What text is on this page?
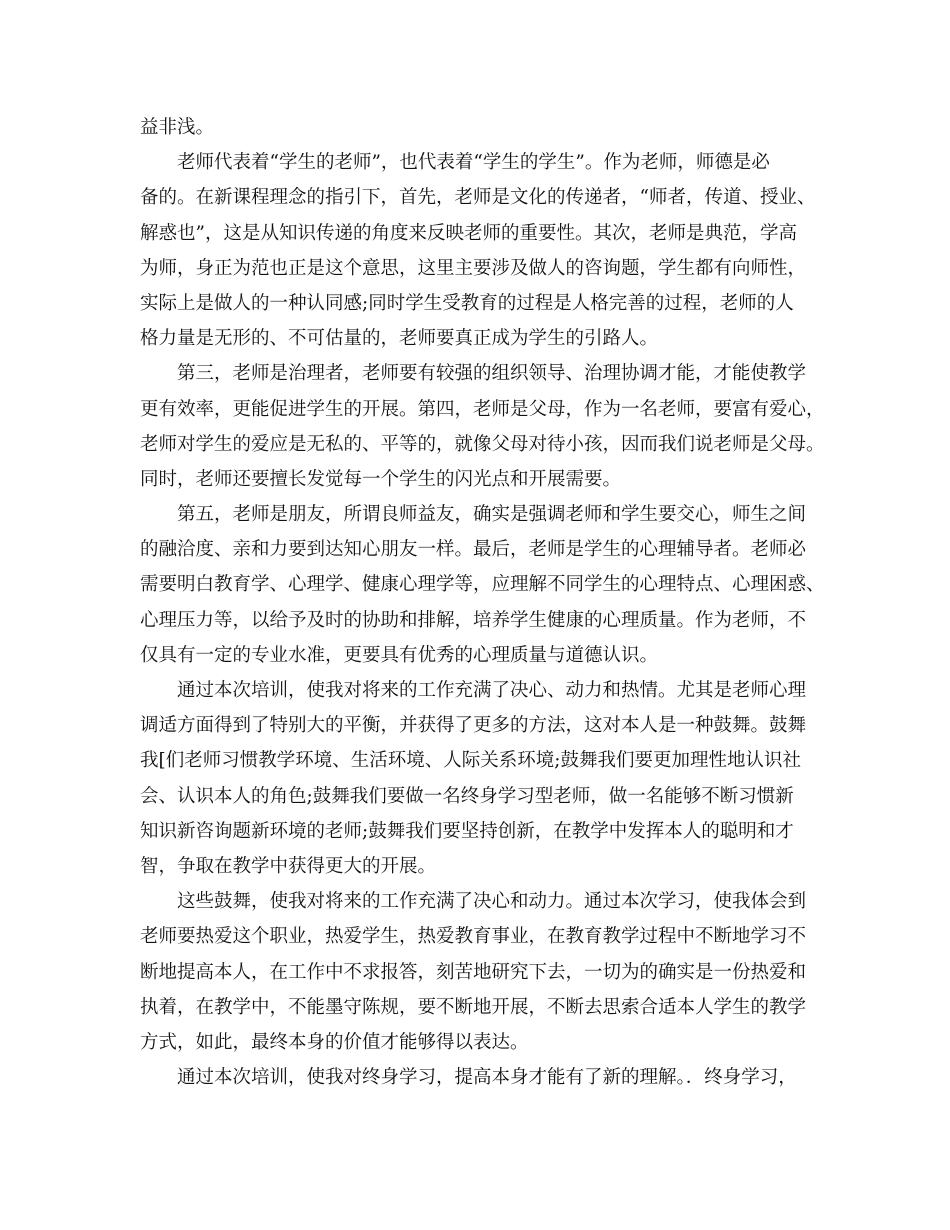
益非浅。
老师代表着“学生的老师”，也代表着“学生的学生”。作为老师，师德是必
备的。在新课程理念的指引下，首先，老师是文化的传递者，“师者，传道、授业、
解惑也”，这是从知识传递的角度来反映老师的重要性。其次，老师是典范，学高
为师，身正为范也正是这个意思，这里主要涉及做人的咨询题，学生都有向师性，
实际上是做人的一种认同感;同时学生受教育的过程是人格完善的过程，老师的人
格力量是无形的、不可估量的，老师要真正成为学生的引路人。
第三，老师是治理者，老师要有较强的组织领导、治理协调才能，才能使教学
更有效率，更能促进学生的开展。第四，老师是父母，作为一名老师，要富有爱心，
老师对学生的爱应是无私的、平等的，就像父母对待小孩，因而我们说老师是父母。
同时，老师还要擅长发觉每一个学生的闪光点和开展需要。
第五，老师是朋友，所谓良师益友，确实是强调老师和学生要交心，师生之间
的融洽度、亲和力要到达知心朋友一样。最后，老师是学生的心理辅导者。老师必
需要明白教育学、心理学、健康心理学等，应理解不同学生的心理特点、心理困惑、
心理压力等，以给予及时的协助和排解，培养学生健康的心理质量。作为老师，不
仅具有一定的专业水准，更要具有优秀的心理质量与道德认识。
通过本次培训，使我对将来的工作充满了决心、动力和热情。尤其是老师心理
调适方面得到了特别大的平衡，并获得了更多的方法，这对本人是一种鼓舞。鼓舞
我[们老师习惯教学环境、生活环境、人际关系环境;鼓舞我们要更加理性地认识社
会、认识本人的角色;鼓舞我们要做一名终身学习型老师，做一名能够不断习惯新
知识新咨询题新环境的老师;鼓舞我们要坚持创新，在教学中发挥本人的聪明和才
智，争取在教学中获得更大的开展。
这些鼓舞，使我对将来的工作充满了决心和动力。通过本次学习，使我体会到
老师要热爱这个职业，热爱学生，热爱教育事业，在教育教学过程中不断地学习不
断地提高本人，在工作中不求报答，刻苦地研究下去，一切为的确实是一份热爱和
执着，在教学中，不能墨守陈规，要不断地开展，不断去思索合适本人学生的教学
方式，如此，最终本身的价值才能够得以表达。
通过本次培训，使我对终身学习，提高本身才能有了新的理解。．终身学习，
